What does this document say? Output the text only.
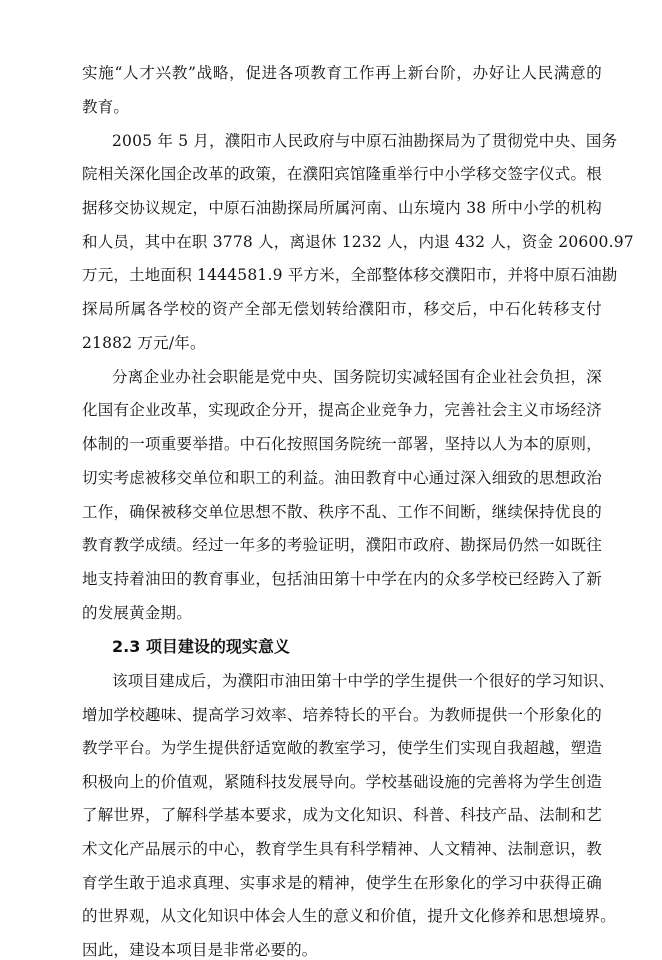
实施“人才兴教”战略，促进各项教育工作再上新台阶，办好让人民满意的
教育。
2005 年 5 月，濮阳市人民政府与中原石油勘探局为了贯彻党中央、国务
院相关深化国企改革的政策，在濮阳宾馆隆重举行中小学移交签字仪式。根
据移交协议规定，中原石油勘探局所属河南、山东境内 38 所中小学的机构
和人员，其中在职 3778 人，离退休 1232 人，内退 432 人，资金 20600.97
万元，土地面积 1444581.9 平方米，全部整体移交濮阳市，并将中原石油勘
探局所属各学校的资产全部无偿划转给濮阳市，移交后，中石化转移支付
21882 万元/年。
分离企业办社会职能是党中央、国务院切实减轻国有企业社会负担，深
化国有企业改革，实现政企分开，提高企业竞争力，完善社会主义市场经济
体制的一项重要举措。中石化按照国务院统一部署，坚持以人为本的原则，
切实考虑被移交单位和职工的利益。油田教育中心通过深入细致的思想政治
工作，确保被移交单位思想不散、秩序不乱、工作不间断，继续保持优良的
教育教学成绩。经过一年多的考验证明，濮阳市政府、勘探局仍然一如既往
地支持着油田的教育事业，包括油田第十中学在内的众多学校已经跨入了新
的发展黄金期。
2.3 项目建设的现实意义
该项目建成后，为濮阳市油田第十中学的学生提供一个很好的学习知识、
增加学校趣味、提高学习效率、培养特长的平台。为教师提供一个形象化的
教学平台。为学生提供舒适宽敞的教室学习，使学生们实现自我超越，塑造
积极向上的价值观，紧随科技发展导向。学校基础设施的完善将为学生创造
了解世界，了解科学基本要求，成为文化知识、科普、科技产品、法制和艺
术文化产品展示的中心，教育学生具有科学精神、人文精神、法制意识，教
育学生敢于追求真理、实事求是的精神，使学生在形象化的学习中获得正确
的世界观，从文化知识中体会人生的意义和价值，提升文化修养和思想境界。
因此，建设本项目是非常必要的。
